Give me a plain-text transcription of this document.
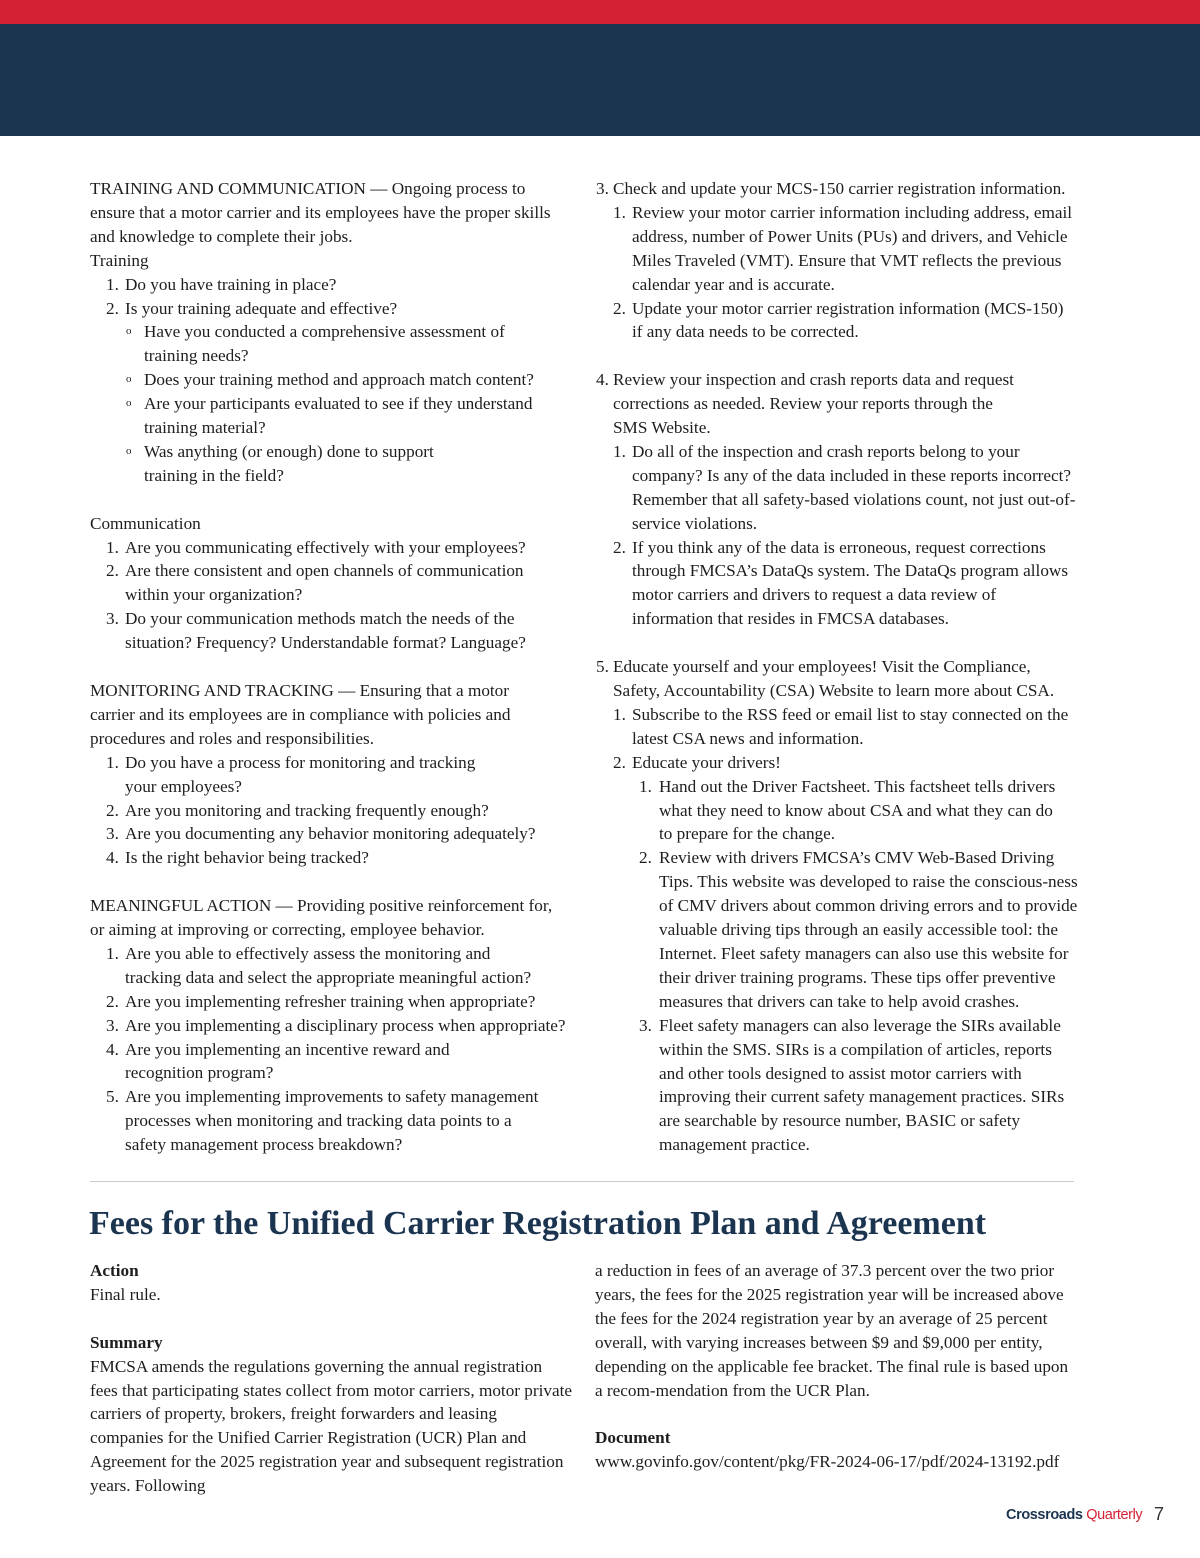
TRAINING AND COMMUNICATION — Ongoing process to ensure that a motor carrier and its employees have the proper skills and knowledge to complete their jobs.

Training

1. Do you have training in place?

2. Is your training adequate and effective?

o Have you conducted a comprehensive assessment of training needs?

o Does your training method and approach match content?

o Are your participants evaluated to see if they understand training material?

o Was anything (or enough) done to support training in the field?

Communication

1. Are you communicating effectively with your employees?

2. Are there consistent and open channels of communication within your organization?

3. Do your communication methods match the needs of the situation? Frequency? Understandable format? Language?

MONITORING AND TRACKING — Ensuring that a motor carrier and its employees are in compliance with policies and procedures and roles and responsibilities.

1. Do you have a process for monitoring and tracking your employees?

2. Are you monitoring and tracking frequently enough?

3. Are you documenting any behavior monitoring adequately?

4. Is the right behavior being tracked?

MEANINGFUL ACTION — Providing positive reinforcement for, or aiming at improving or correcting, employee behavior.

1. Are you able to effectively assess the monitoring and tracking data and select the appropriate meaningful action?

2. Are you implementing refresher training when appropriate?

3. Are you implementing a disciplinary process when appropriate?

4. Are you implementing an incentive reward and recognition program?

5. Are you implementing improvements to safety management processes when monitoring and tracking data points to a safety management process breakdown?

3. Check and update your MCS-150 carrier registration information.

1. Review your motor carrier information including address, email address, number of Power Units (PUs) and drivers, and Vehicle Miles Traveled (VMT). Ensure that VMT reflects the previous calendar year and is accurate.

2. Update your motor carrier registration information (MCS-150) if any data needs to be corrected.

4. Review your inspection and crash reports data and request corrections as needed. Review your reports through the SMS Website.

1. Do all of the inspection and crash reports belong to your company? Is any of the data included in these reports incorrect? Remember that all safety-based violations count, not just out-of-service violations.

2. If you think any of the data is erroneous, request corrections through FMCSA’s DataQs system. The DataQs program allows motor carriers and drivers to request a data review of information that resides in FMCSA databases.

5. Educate yourself and your employees! Visit the Compliance, Safety, Accountability (CSA) Website to learn more about CSA.

1. Subscribe to the RSS feed or email list to stay connected on the latest CSA news and information.

2. Educate your drivers!

1. Hand out the Driver Factsheet. This factsheet tells drivers what they need to know about CSA and what they can do to prepare for the change.

2. Review with drivers FMCSA’s CMV Web-Based Driving Tips. This website was developed to raise the conscious-ness of CMV drivers about common driving errors and to provide valuable driving tips through an easily accessible tool: the Internet. Fleet safety managers can also use this website for their driver training programs. These tips offer preventive measures that drivers can take to help avoid crashes.

3. Fleet safety managers can also leverage the SIRs available within the SMS. SIRs is a compilation of articles, reports and other tools designed to assist motor carriers with improving their current safety management practices. SIRs are searchable by resource number, BASIC or safety management practice.

Fees for the Unified Carrier Registration Plan and Agreement

Action

Final rule.

Summary

FMCSA amends the regulations governing the annual registration fees that participating states collect from motor carriers, motor private carriers of property, brokers, freight forwarders and leasing companies for the Unified Carrier Registration (UCR) Plan and Agreement for the 2025 registration year and subsequent registration years. Following

a reduction in fees of an average of 37.3 percent over the two prior years, the fees for the 2025 registration year will be increased above the fees for the 2024 registration year by an average of 25 percent overall, with varying increases between $9 and $9,000 per entity, depending on the applicable fee bracket. The final rule is based upon a recom-mendation from the UCR Plan.

Document

www.govinfo.gov/content/pkg/FR-2024-06-17/pdf/2024-13192.pdf

Crossroads Quarterly 7
